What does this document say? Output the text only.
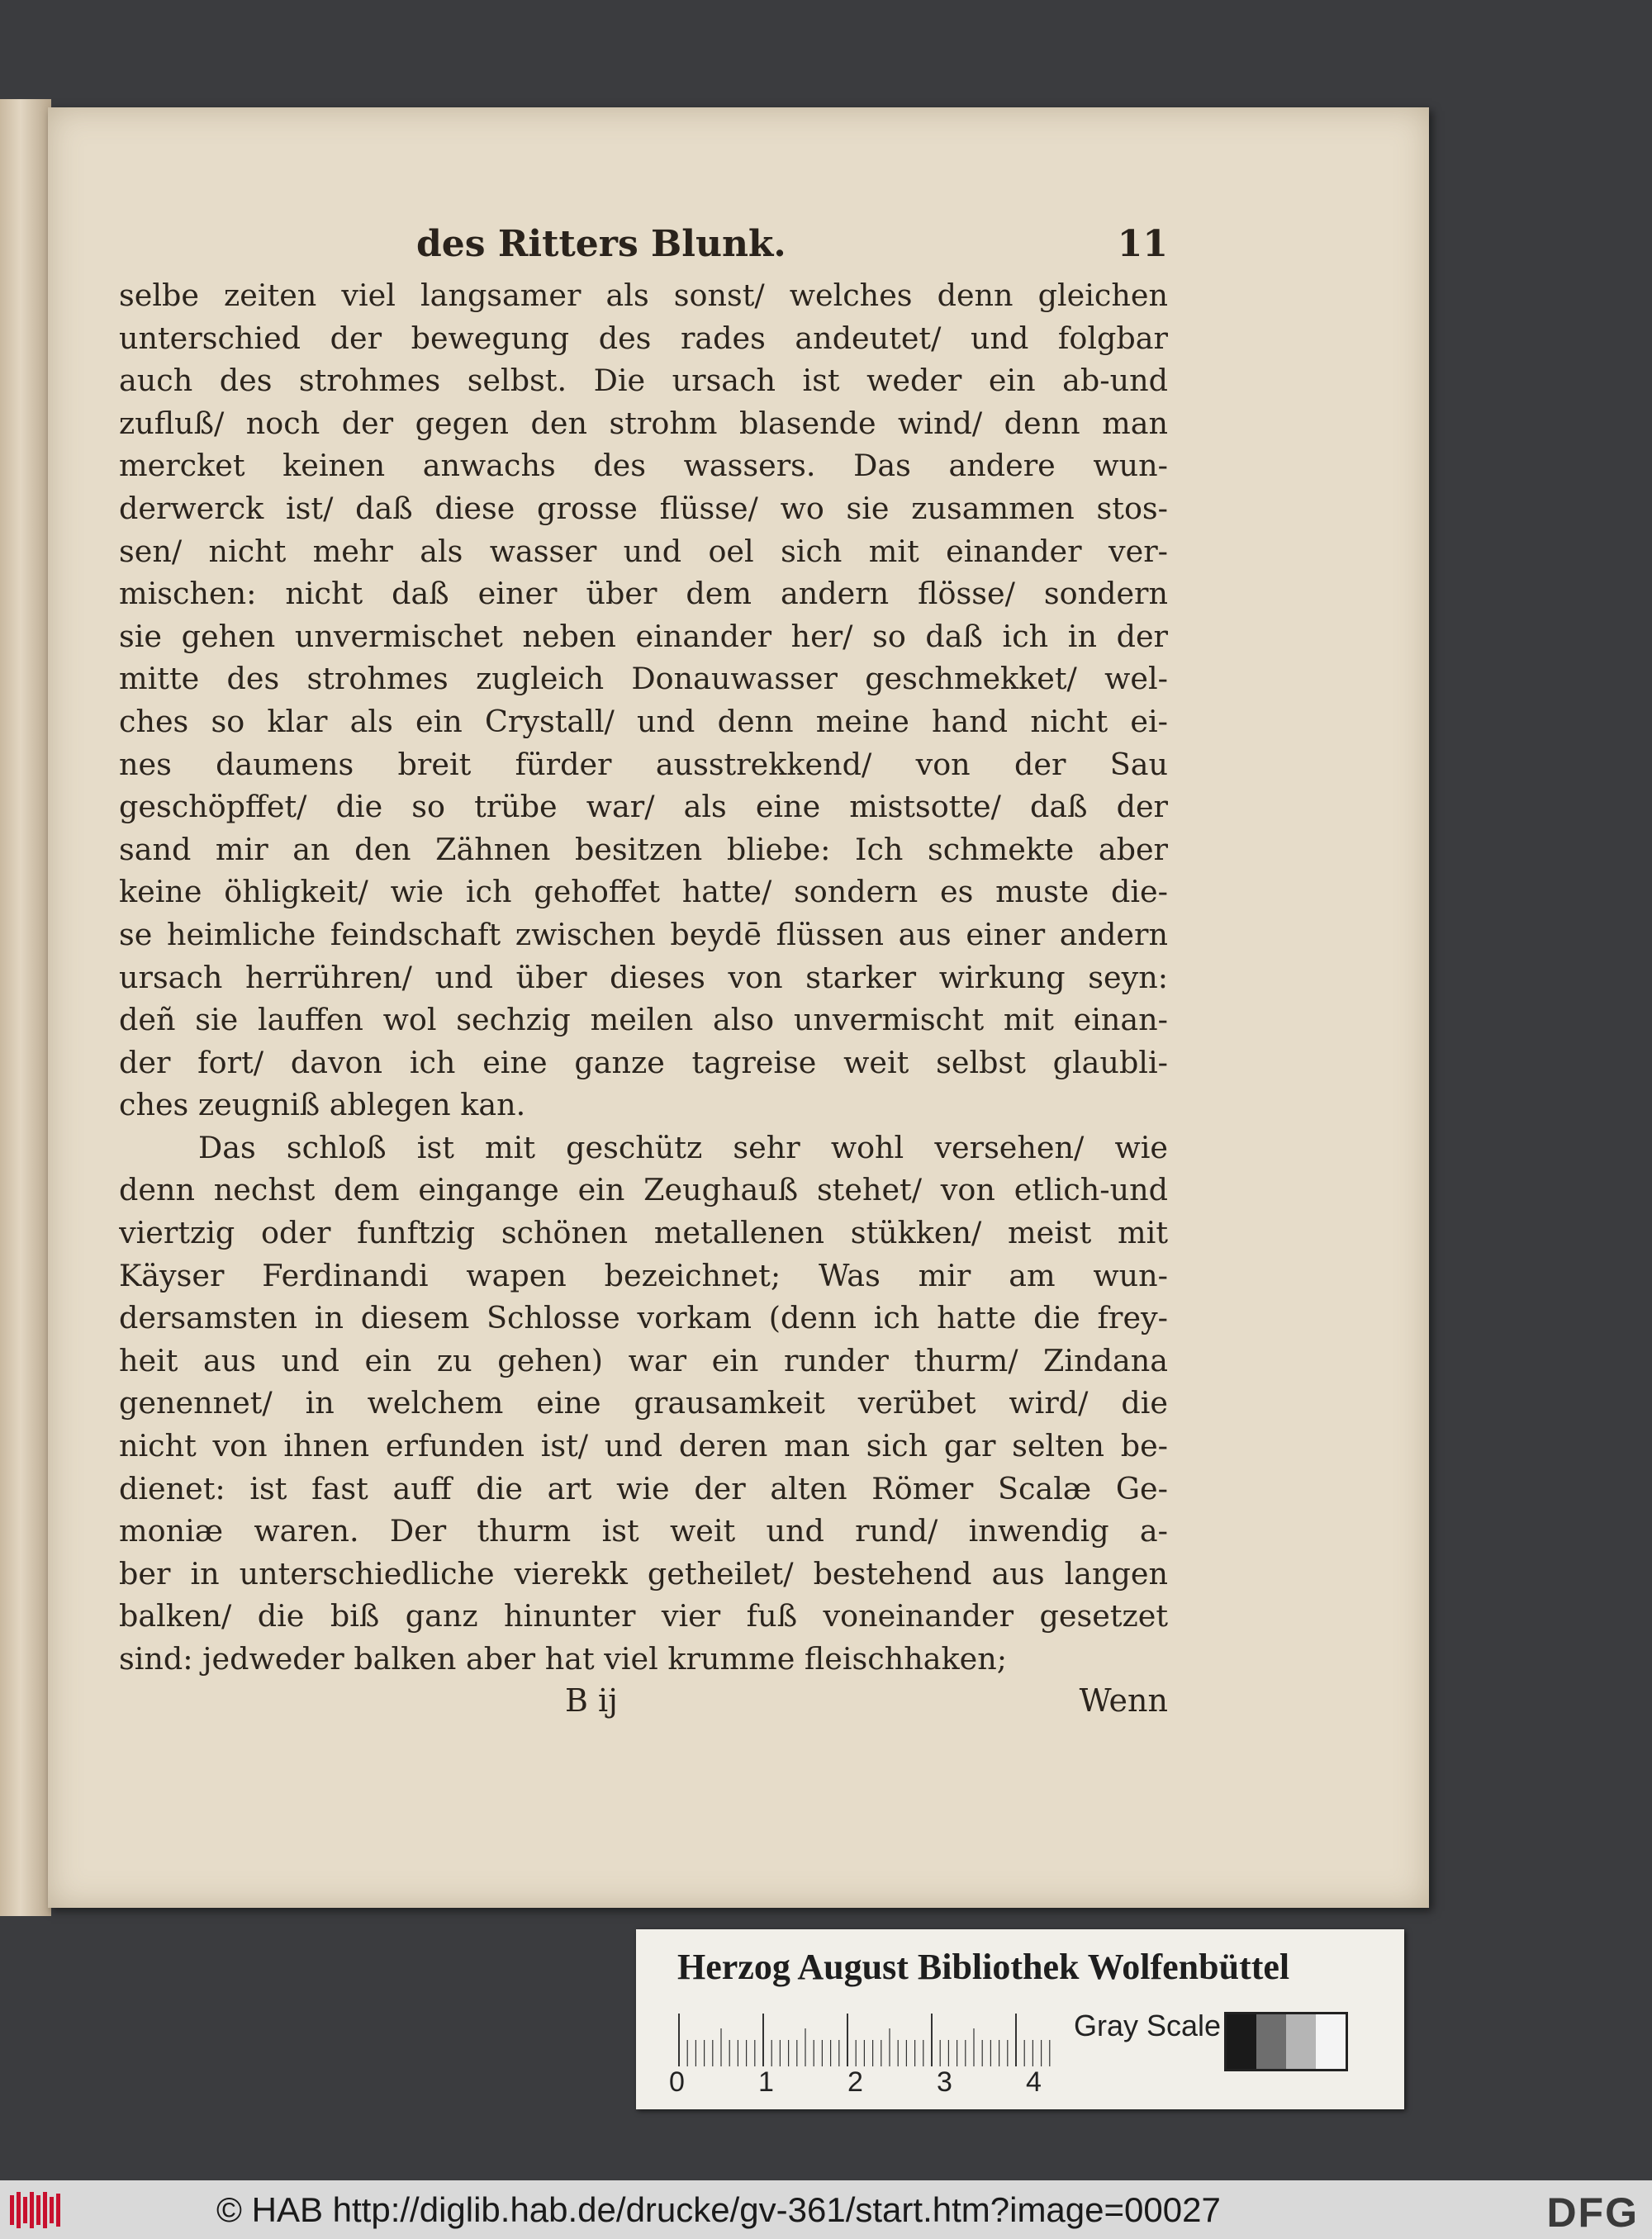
des Ritters Blunk.	11
selbe zeiten viel langsamer als sonst/ welches denn gleichen
unterschied der bewegung des rades andeutet/ und folgbar
auch des strohmes selbst. Die ursach ist weder ein ab-und
zufluß/ noch der gegen den strohm blasende wind/ denn man
mercket keinen anwachs des wassers. Das andere wun-
derwerck ist/ daß diese grosse flüsse/ wo sie zusammen stos-
sen/ nicht mehr als wasser und oel sich mit einander ver-
mischen: nicht daß einer über dem andern flösse/ sondern
sie gehen unvermischet neben einander her/ so daß ich in der
mitte des strohmes zugleich Donauwasser geschmekket/ wel-
ches so klar als ein Crystall/ und denn meine hand nicht ei-
nes daumens breit fürder ausstrekkend/ von der Sau
geschöpffet/ die so trübe war/ als eine mistsotte/ daß der
sand mir an den Zähnen besitzen bliebe: Ich schmekte aber
keine öhligkeit/ wie ich gehoffet hatte/ sondern es muste die-
se heimliche feindschaft zwischen beydē flüssen aus einer andern
ursach herrühren/ und über dieses von starker wirkung seyn:
deñ sie lauffen wol sechzig meilen also unvermischt mit einan-
der fort/ davon ich eine ganze tagreise weit selbst glaubli-
ches zeugniß ablegen kan.
Das schloß ist mit geschütz sehr wohl versehen/ wie
denn nechst dem eingange ein Zeughauß stehet/ von etlich-und
viertzig oder funftzig schönen metallenen stükken/ meist mit
Käyser Ferdinandi wapen bezeichnet; Was mir am wun-
dersamsten in diesem Schlosse vorkam (denn ich hatte die frey-
heit aus und ein zu gehen) war ein runder thurm/ Zindana
genennet/ in welchem eine grausamkeit verübet wird/ die
nicht von ihnen erfunden ist/ und deren man sich gar selten be-
dienet: ist fast auff die art wie der alten Römer Scalæ Ge-
moniæ waren. Der thurm ist weit und rund/ inwendig a-
ber in unterschiedliche vierekk getheilet/ bestehend aus langen
balken/ die biß ganz hinunter vier fuß voneinander gesetzet
sind: jedweder balken aber hat viel krumme fleischhaken;
B ij	Wenn
Herzog August Bibliothek Wolfenbüttel
0	1	2	3	4
Gray Scale
© HAB http://diglib.hab.de/drucke/gv-361/start.htm?image=00027	DFG
